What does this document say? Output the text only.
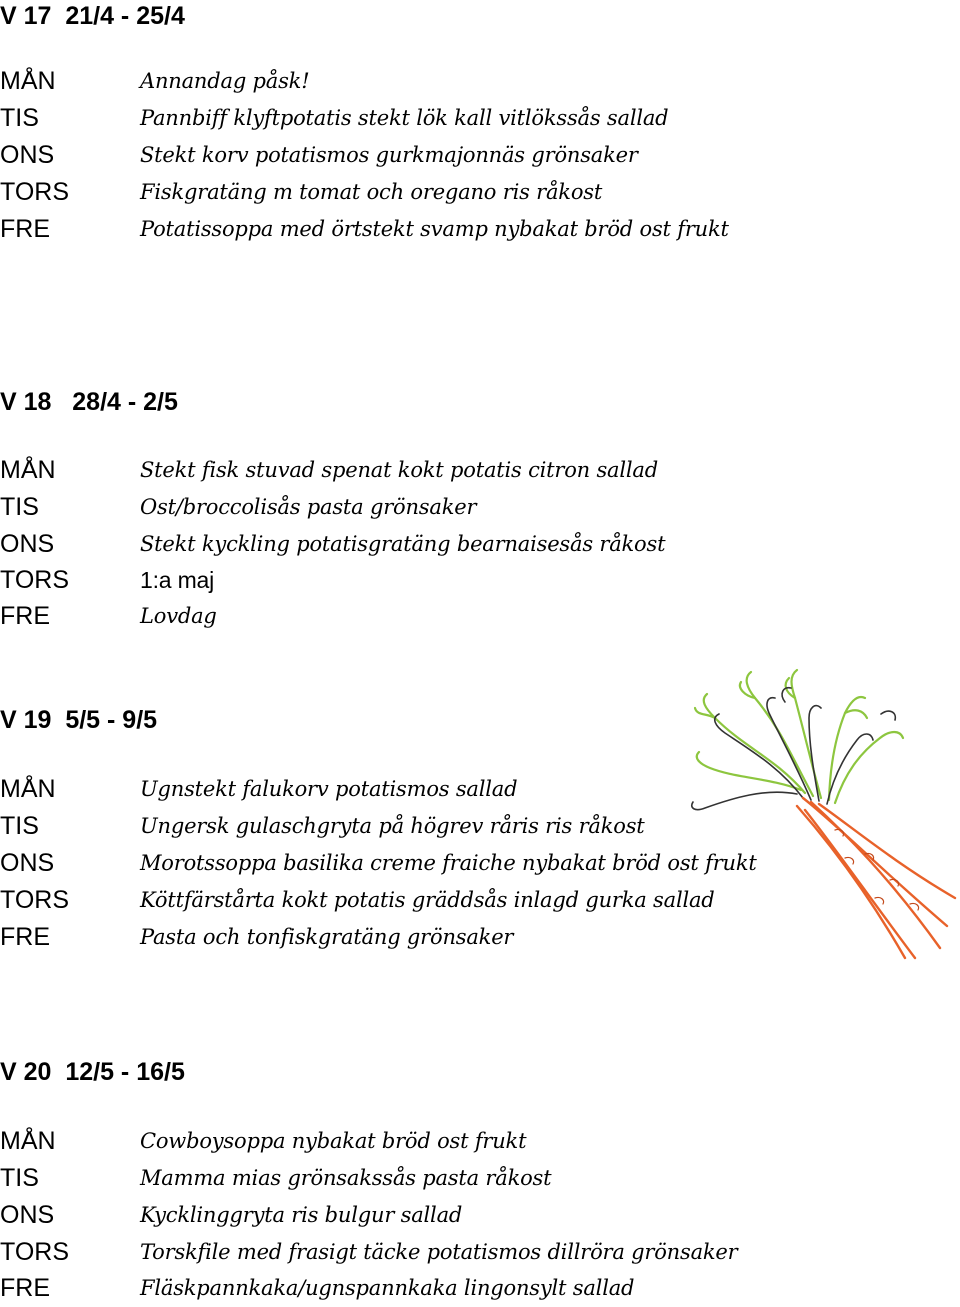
V 17  21/4 - 25/4
MÅN	Annandag påsk!
TIS	Pannbiff klyftpotatis stekt lök kall vitlökssås sallad
ONS	Stekt korv potatismos gurkmajonnäs grönsaker
TORS	Fiskgratäng m tomat och oregano ris råkost
FRE	Potatissoppa med örtstekt svamp nybakat bröd ost frukt
V 18   28/4 - 2/5
MÅN	Stekt fisk stuvad spenat kokt potatis citron sallad
TIS	Ost/broccolisås pasta grönsaker
ONS	Stekt kyckling potatisgratäng bearnaisesås råkost
TORS	1:a maj
FRE	Lovdag
V 19  5/5 - 9/5
MÅN	Ugnstekt falukorv potatismos sallad
TIS	Ungersk gulaschgryta på högrev råris ris råkost
ONS	Morotssoppa basilika creme fraiche nybakat bröd ost frukt
TORS	Köttfärstårta kokt potatis gräddsås inlagd gurka sallad
FRE	Pasta och tonfiskgratäng grönsaker
V 20  12/5 - 16/5
MÅN	Cowboysoppa nybakat bröd ost frukt
TIS	Mamma mias grönsakssås pasta råkost
ONS	Kycklinggryta ris bulgur sallad
TORS	Torskfile med frasigt täcke potatismos dillröra grönsaker
FRE	Fläskpannkaka/ugnspannkaka lingonsylt sallad
